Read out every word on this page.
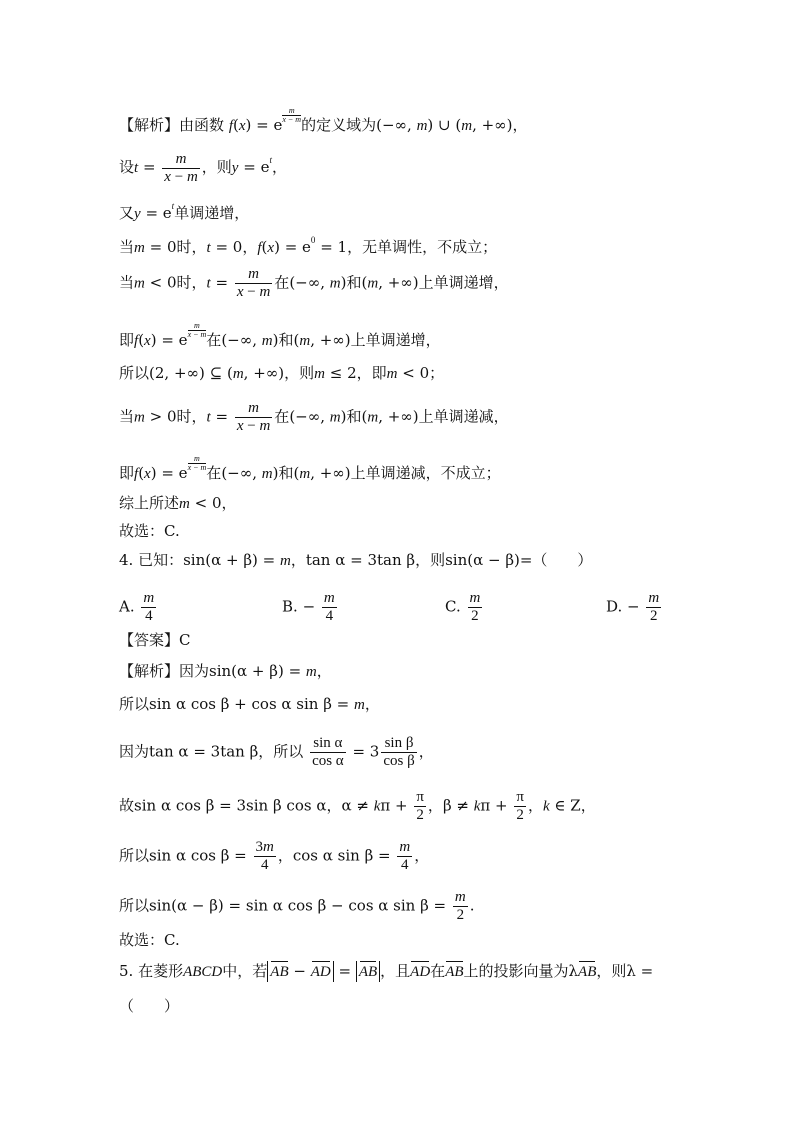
【解析】由函数 f(x) = e
$\frac{m}{x - m}$
的定义域为(−∞, m) ∪ (m, +∞)，
设$t = \frac{m}{x - m}$ ，则$y = e^t$，
又$y = e^t$单调递增，
当m = 0时，t = 0，$f(x) = e^0 = 1$，无单调性，不成立；
当m < 0时，$t = \frac{m}{x - m}$ 在(−∞, m)和(m, +∞)上单调递增，
即f(x) = e
$\frac{m}{x - m}$
在(−∞, m)和(m, +∞)上单调递增，
所以(2, +∞) ⊆ (m, +∞)，则m ≤ 2，即m < 0；
当m > 0时，$t = \frac{m}{x - m}$ 在(−∞, m)和(m, +∞)上单调递减，
即f(x) = e
$\frac{m}{x - m}$
在(−∞, m)和(m, +∞)上单调递减，不成立；
综上所述m < 0，
故选：C.
4. 已知：sin(α + β) = m，tan α = 3tan β，则sin(α − β)=（　　）
A. $\frac{m}{4}$	B. − $\frac{m}{4}$	C. $\frac{m}{2}$	D. − $\frac{m}{2}$
【答案】C
【解析】因为sin(α + β) = m，
所以sin α cos β + cos α sin β = m，
因为tan α = 3tan β，所以 $\frac{\text{sin α}}{\text{cos α}} = 3 \frac{\text{sin β}}{\text{cos β}}$ ，
故sin α cos β = 3sin β cos α，$\alpha \ne k\pi + \frac{\pi}{2}$ ，$\beta \ne k\pi + \frac{\pi}{2}$ ，k ∈ Z，
所以sin α $\cos \beta = \frac{3m}{4}$ ，cos α $\sin \beta = \frac{m}{4}$ ，
所以sin(α − β) = sin α cos β − cos α $\sin \beta = \frac{m}{2}$ .
故选：C.
5. 在菱形ABCD中，若 AB − AD = AB ，且AD在AB上的投影向量为λAB，则λ =
（　　）
